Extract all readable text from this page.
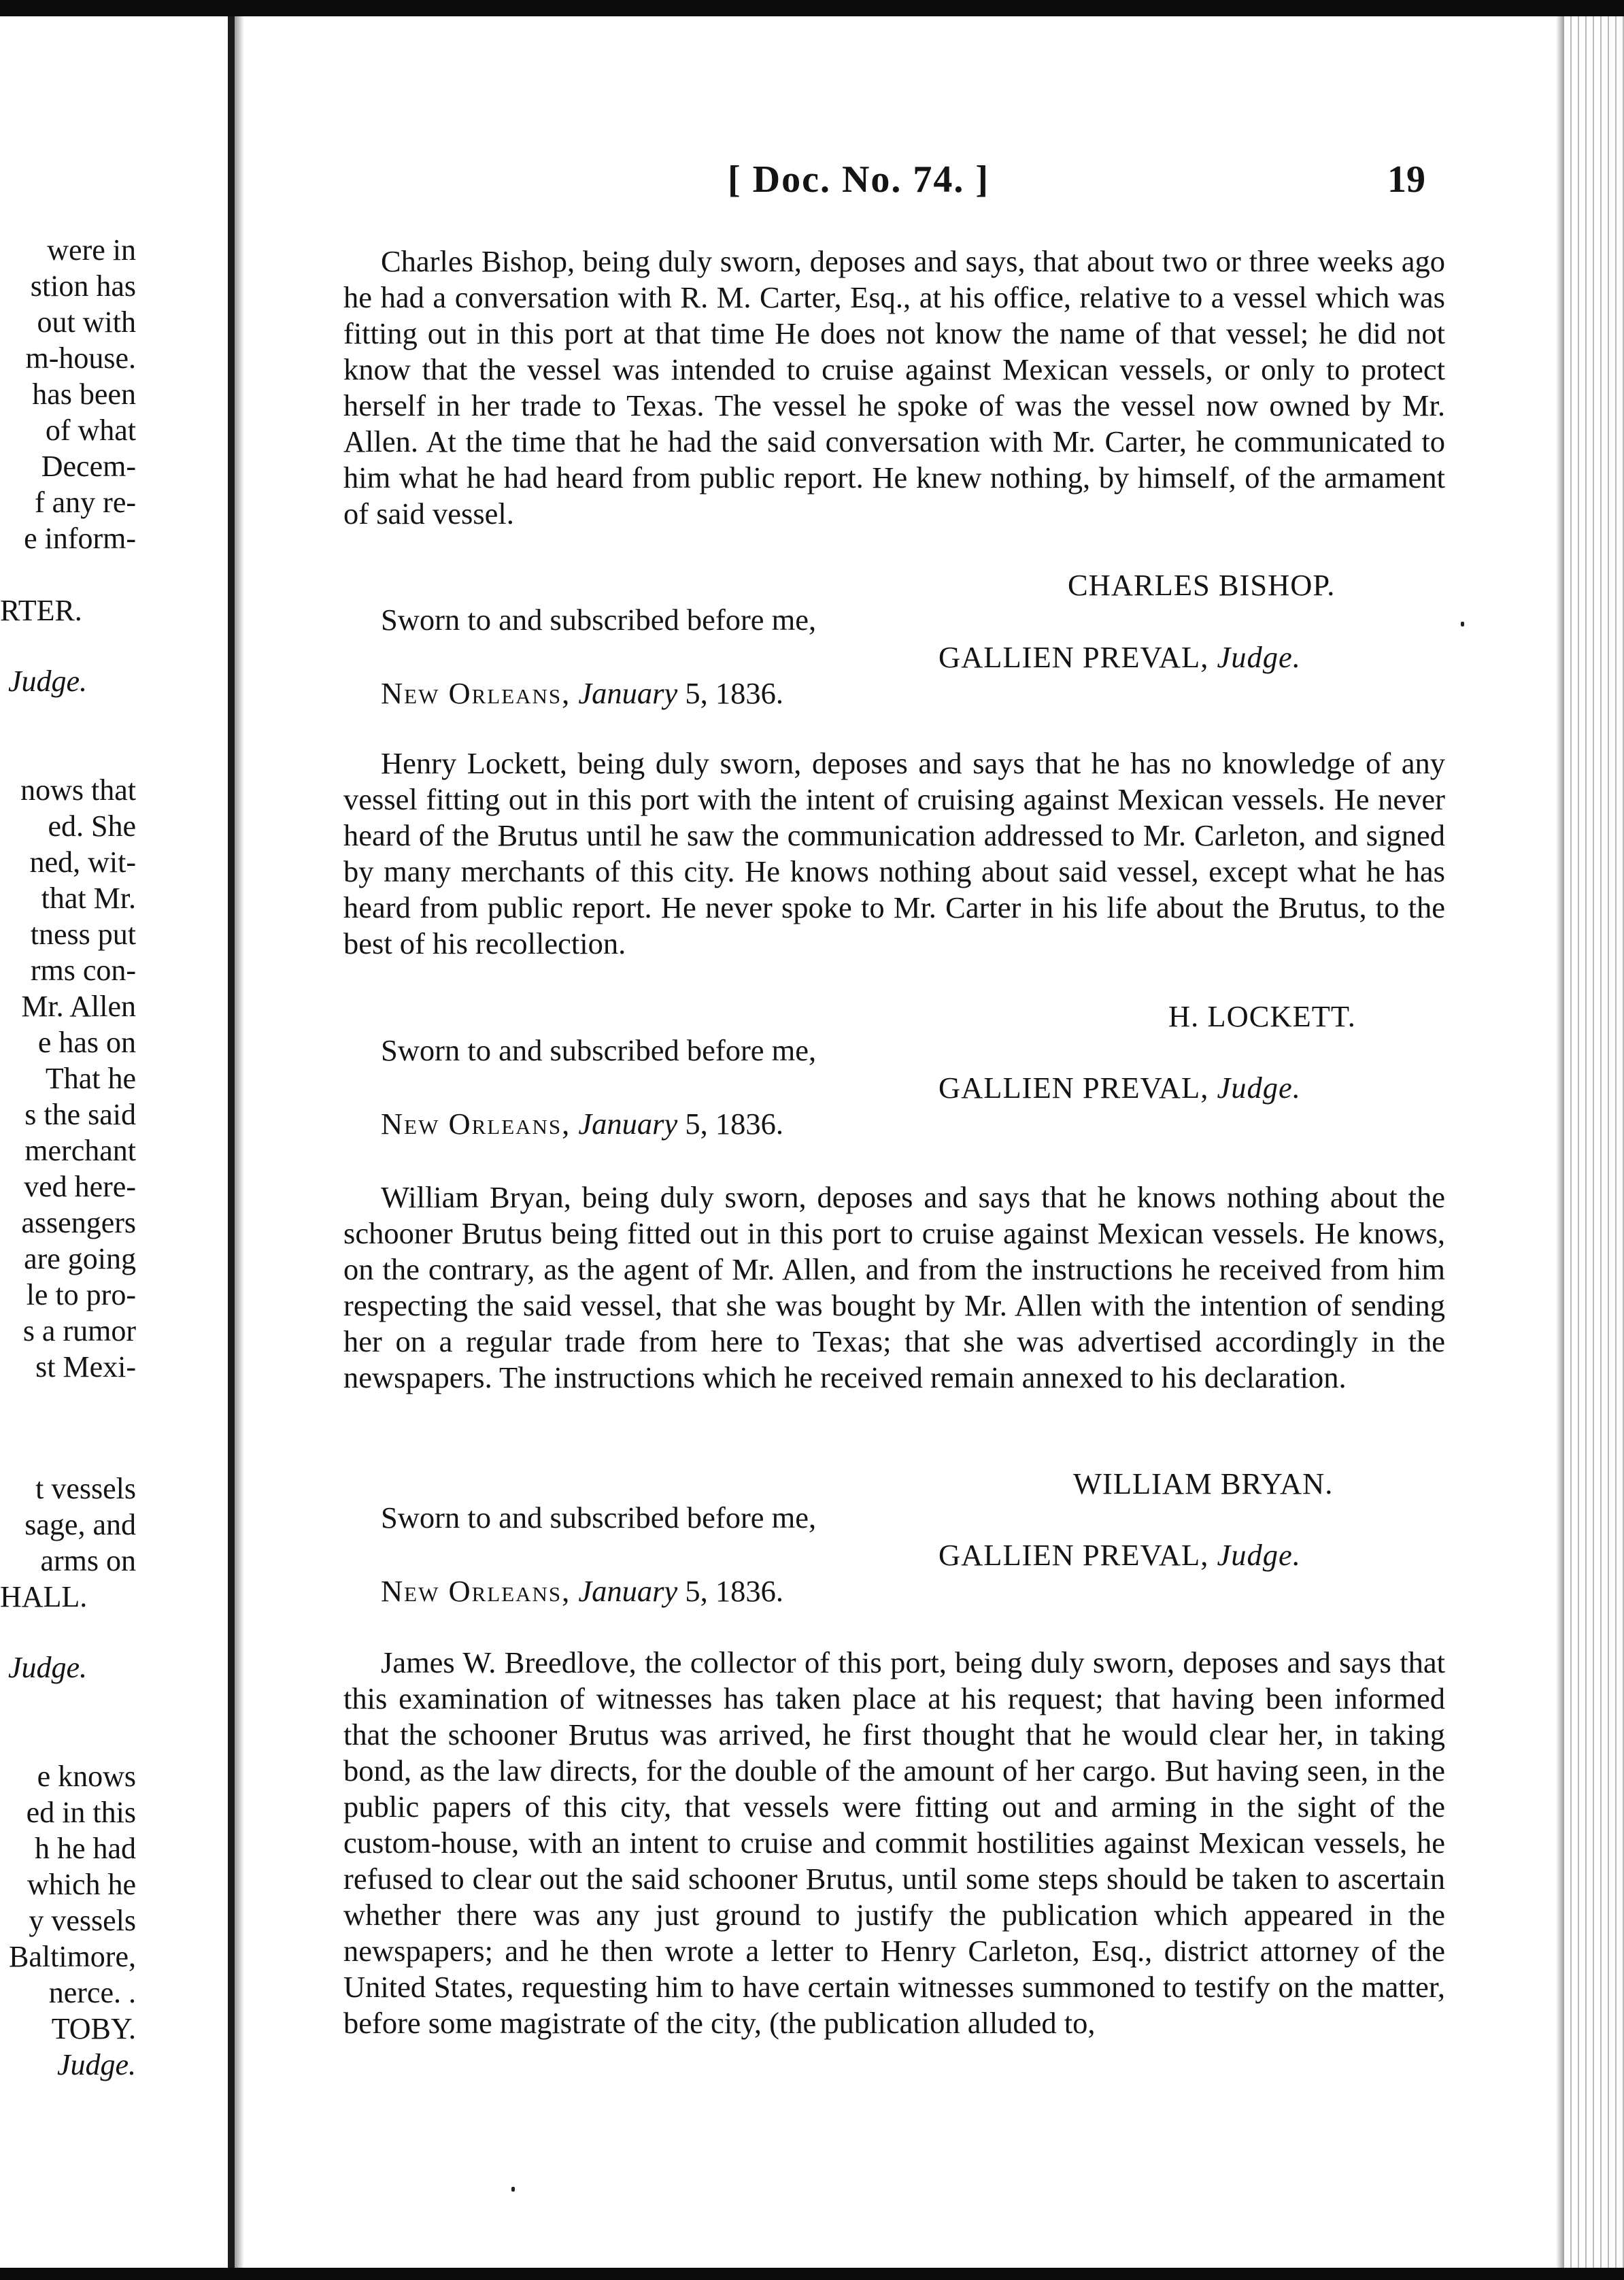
were in
stion has
out with
m-house.
has been
of what
Decem-
f any re-
e inform-
RTER.
Judge.
nows that
ed. She
ned, wit-
that Mr.
tness put
rms con-
Mr. Allen
e has on
That he
s the said
merchant
ved here-
assengers
are going
le to pro-
s a rumor
st Mexi-
t vessels
sage, and
arms on
HALL.
Judge.
e knows
ed in this
h he had
which he
y vessels
Baltimore,
nerce. .
TOBY.
Judge.
[ Doc. No. 74. ]	19

Charles Bishop, being duly sworn, deposes and says, that about two or three weeks ago he had a conversation with R. M. Carter, Esq., at his office, relative to a vessel which was fitting out in this port at that time He does not know the name of that vessel; he did not know that the vessel was intended to cruise against Mexican vessels, or only to protect herself in her trade to Texas. The vessel he spoke of was the vessel now owned by Mr. Allen. At the time that he had the said conversation with Mr. Carter, he communicated to him what he had heard from public report. He knew nothing, by himself, of the armament of said vessel.

CHARLES BISHOP.
Sworn to and subscribed before me,
GALLIEN PREVAL, Judge.
New Orleans, January 5, 1836.

Henry Lockett, being duly sworn, deposes and says that he has no knowledge of any vessel fitting out in this port with the intent of cruising against Mexican vessels. He never heard of the Brutus until he saw the communication addressed to Mr. Carleton, and signed by many merchants of this city. He knows nothing about said vessel, except what he has heard from public report. He never spoke to Mr. Carter in his life about the Brutus, to the best of his recollection.

H. LOCKETT.
Sworn to and subscribed before me,
GALLIEN PREVAL, Judge.
New Orleans, January 5, 1836.

William Bryan, being duly sworn, deposes and says that he knows nothing about the schooner Brutus being fitted out in this port to cruise against Mexican vessels. He knows, on the contrary, as the agent of Mr. Allen, and from the instructions he received from him respecting the said vessel, that she was bought by Mr. Allen with the intention of sending her on a regular trade from here to Texas; that she was advertised accordingly in the newspapers. The instructions which he received remain annexed to his declaration.

WILLIAM BRYAN.
Sworn to and subscribed before me,
GALLIEN PREVAL, Judge.
New Orleans, January 5, 1836.

James W. Breedlove, the collector of this port, being duly sworn, deposes and says that this examination of witnesses has taken place at his request; that having been informed that the schooner Brutus was arrived, he first thought that he would clear her, in taking bond, as the law directs, for the double of the amount of her cargo. But having seen, in the public papers of this city, that vessels were fitting out and arming in the sight of the custom-house, with an intent to cruise and commit hostilities against Mexican vessels, he refused to clear out the said schooner Brutus, until some steps should be taken to ascertain whether there was any just ground to justify the publication which appeared in the newspapers; and he then wrote a letter to Henry Carleton, Esq., district attorney of the United States, requesting him to have certain witnesses summoned to testify on the matter, before some magistrate of the city, (the publication alluded to,
